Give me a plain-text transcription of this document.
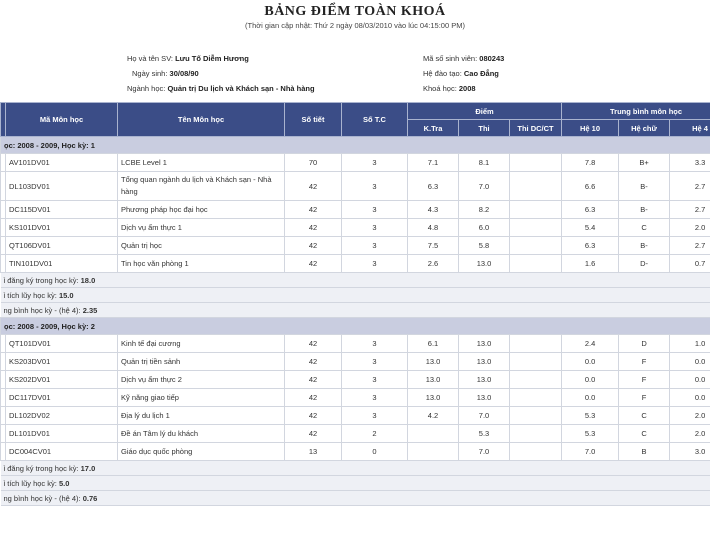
BẢNG ĐIỂM TOÀN KHOÁ
(Thời gian cập nhật: Thứ 2 ngày 08/03/2010 vào lúc 04:15:00 PM)
Họ và tên SV: Lưu Tố Diễm Hương
Ngày sinh: 30/08/90
Ngành học: Quản trị Du lịch và Khách sạn - Nhà hàng
Mã số sinh viên: 080243
Hệ đào tạo: Cao Đẳng
Khoá học: 2008
	Mã Môn học	Tên Môn học	Số tiết	Số T.C	Điểm			Trung bình môn học		
					K.Tra	Thi	Thi DC/CT	Hệ 10	Hệ chữ	Hệ 4
ọc: 2008 - 2009, Học kỳ: 1										
	AV101DV01	LCBE Level 1	70	3	7.1	8.1		7.8	B+	3.3
	DL103DV01	Tổng quan ngành du lịch và Khách sạn - Nhà hàng	42	3	6.3	7.0		6.6	B-	2.7
	DC115DV01	Phương pháp học đại học	42	3	4.3	8.2		6.3	B-	2.7
	KS101DV01	Dịch vụ ẩm thực 1	42	3	4.8	6.0		5.4	C	2.0
	QT106DV01	Quản trị học	42	3	7.5	5.8		6.3	B-	2.7
	TIN101DV01	Tin học văn phòng 1	42	3	2.6	13.0		1.6	D-	0.7
ỉ đăng ký trong học kỳ: 18.0										
ỉ tích lũy học kỳ: 15.0										
ng bình học kỳ - (hệ 4): 2.35										
ọc: 2008 - 2009, Học kỳ: 2										
	QT101DV01	Kinh tế đại cương	42	3	6.1	13.0		2.4	D	1.0
	KS203DV01	Quản trị tiền sảnh	42	3	13.0	13.0		0.0	F	0.0
	KS202DV01	Dịch vụ ẩm thực 2	42	3	13.0	13.0		0.0	F	0.0
	DC117DV01	Kỹ năng giao tiếp	42	3	13.0	13.0		0.0	F	0.0
	DL102DV02	Địa lý du lịch 1	42	3	4.2	7.0		5.3	C	2.0
	DL101DV01	Đề án Tâm lý du khách	42	2		5.3		5.3	C	2.0
	DC004CV01	Giáo dục quốc phòng	13	0		7.0		7.0	B	3.0
ỉ đăng ký trong học kỳ: 17.0										
ỉ tích lũy học kỳ: 5.0										
ng bình học kỳ - (hệ 4): 0.76										
